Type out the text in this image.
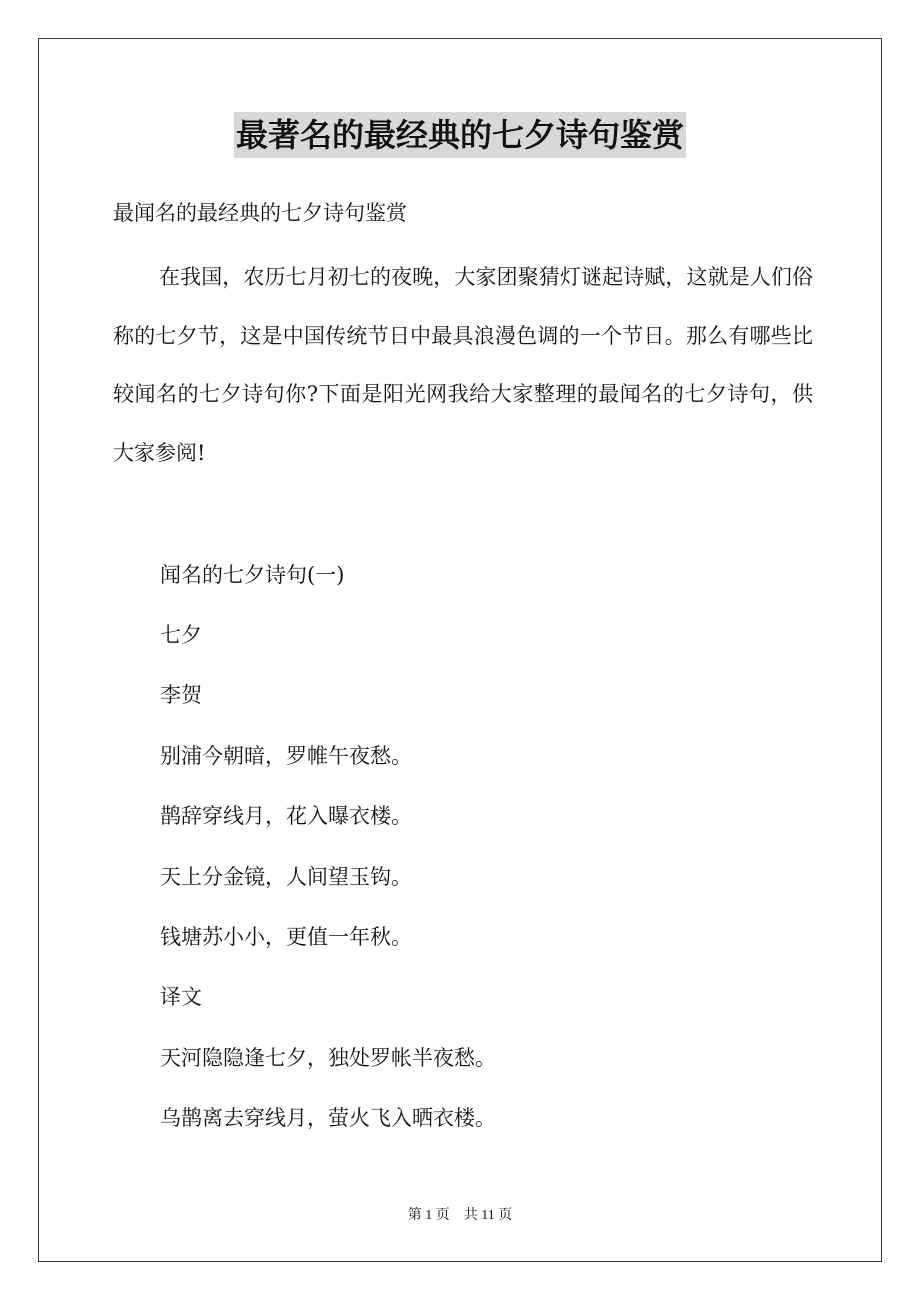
最著名的最经典的七夕诗句鉴赏

最闻名的最经典的七夕诗句鉴赏

在我国，农历七月初七的夜晚，大家团聚猜灯谜起诗赋，这就是人们俗称的七夕节，这是中国传统节日中最具浪漫色调的一个节日。那么有哪些比较闻名的七夕诗句你?下面是阳光网我给大家整理的最闻名的七夕诗句，供大家参阅!

闻名的七夕诗句(一)

七夕

李贺

别浦今朝暗，罗帷午夜愁。

鹊辞穿线月，花入曝衣楼。

天上分金镜，人间望玉钩。

钱塘苏小小，更值一年秋。

译文

天河隐隐逢七夕，独处罗帐半夜愁。

乌鹊离去穿线月，萤火飞入晒衣楼。

第 1 页 共 11 页
